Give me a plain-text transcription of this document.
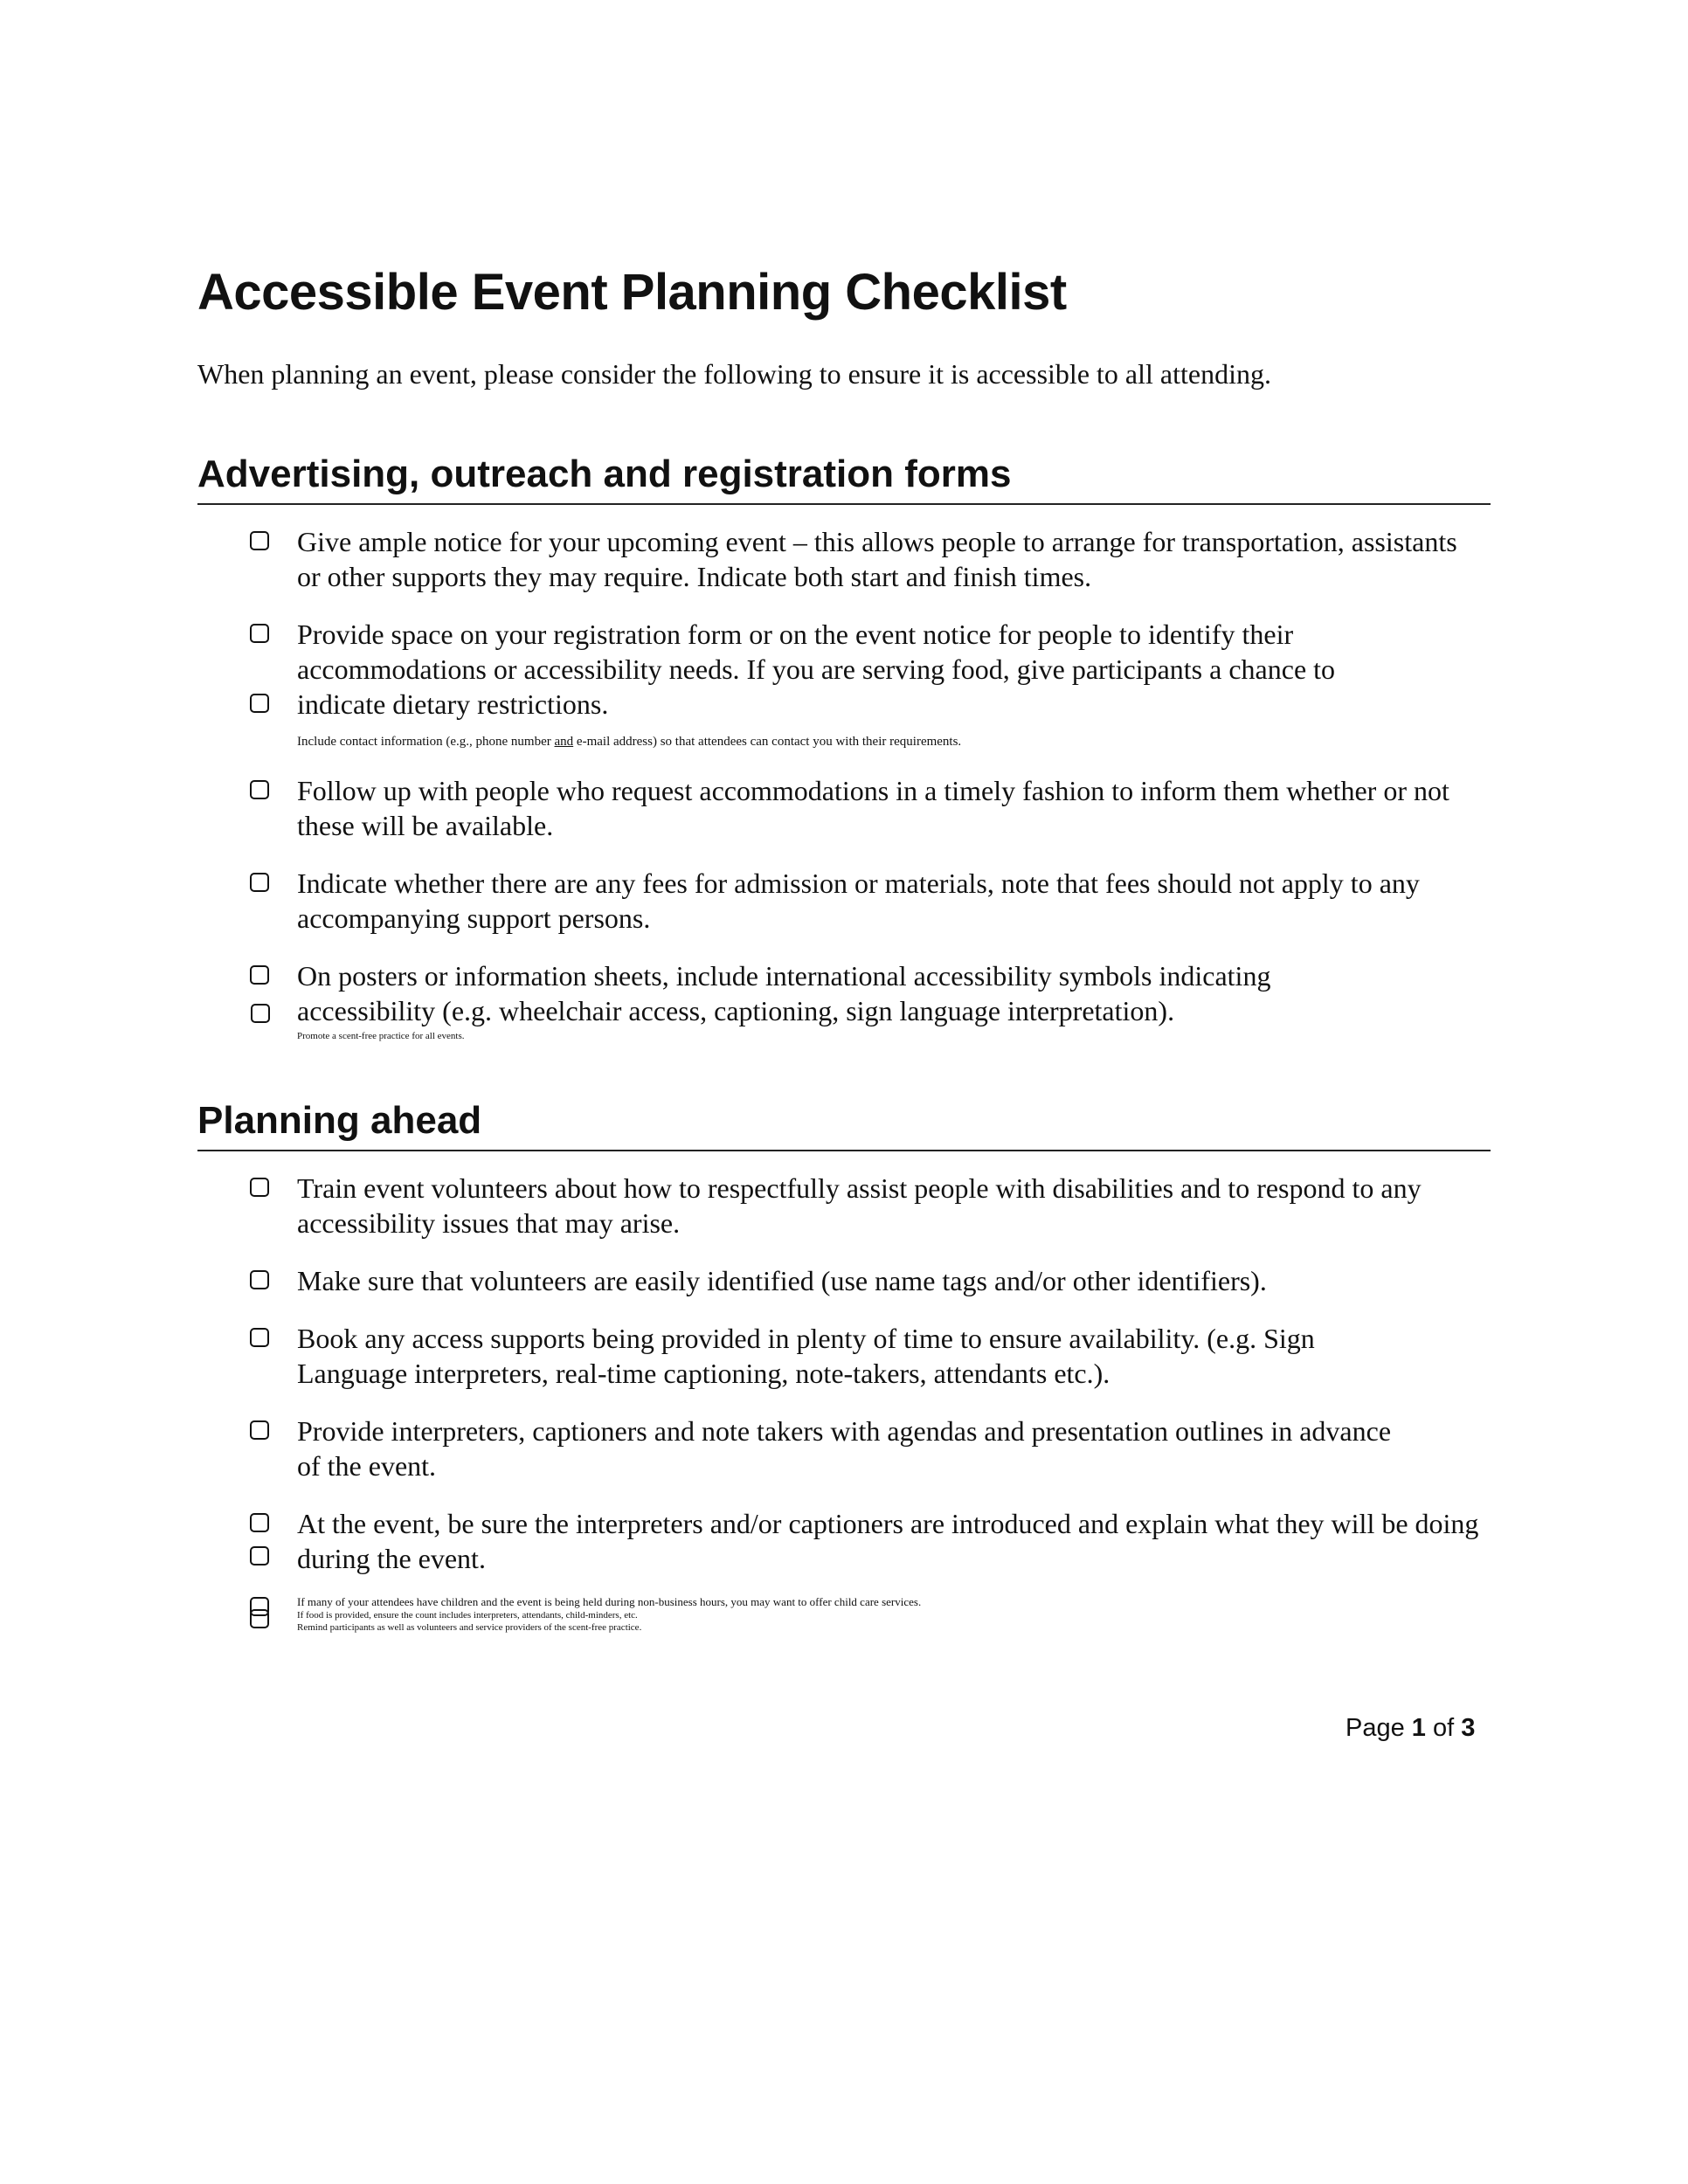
Accessible Event Planning Checklist

When planning an event, please consider the following to ensure it is accessible to all attending.

Advertising, outreach and registration forms
Give ample notice for your upcoming event – this allows people to arrange for transportation, assistants or other supports they may require. Indicate both start and finish times.
Provide space on your registration form or on the event notice for people to identify their accommodations or accessibility needs. If you are serving food, give participants a chance to indicate dietary restrictions.
Include contact information (e.g., phone number and e-mail address) so that attendees can contact you with their requirements.
Follow up with people who request accommodations in a timely fashion to inform them whether or not these will be available.
Indicate whether there are any fees for admission or materials, note that fees should not apply to any accompanying support persons.
On posters or information sheets, include international accessibility symbols indicating accessibility (e.g. wheelchair access, captioning, sign language interpretation).
Promote a scent-free practice for all events.
Planning ahead
Train event volunteers about how to respectfully assist people with disabilities and to respond to any accessibility issues that may arise.
Make sure that volunteers are easily identified (use name tags and/or other identifiers).
Book any access supports being provided in plenty of time to ensure availability. (e.g. Sign Language interpreters, real-time captioning, note-takers, attendants etc.).
Provide interpreters, captioners and note takers with agendas and presentation outlines in advance of the event.
At the event, be sure the interpreters and/or captioners are introduced and explain what they will be doing during the event.
If many of your attendees have children and the event is being held during non-business hours, you may want to offer child care services.
If food is provided, ensure the count includes interpreters, attendants, child-minders, etc.
Remind participants as well as volunteers and service providers of the scent-free practice.
Page 1 of 3
